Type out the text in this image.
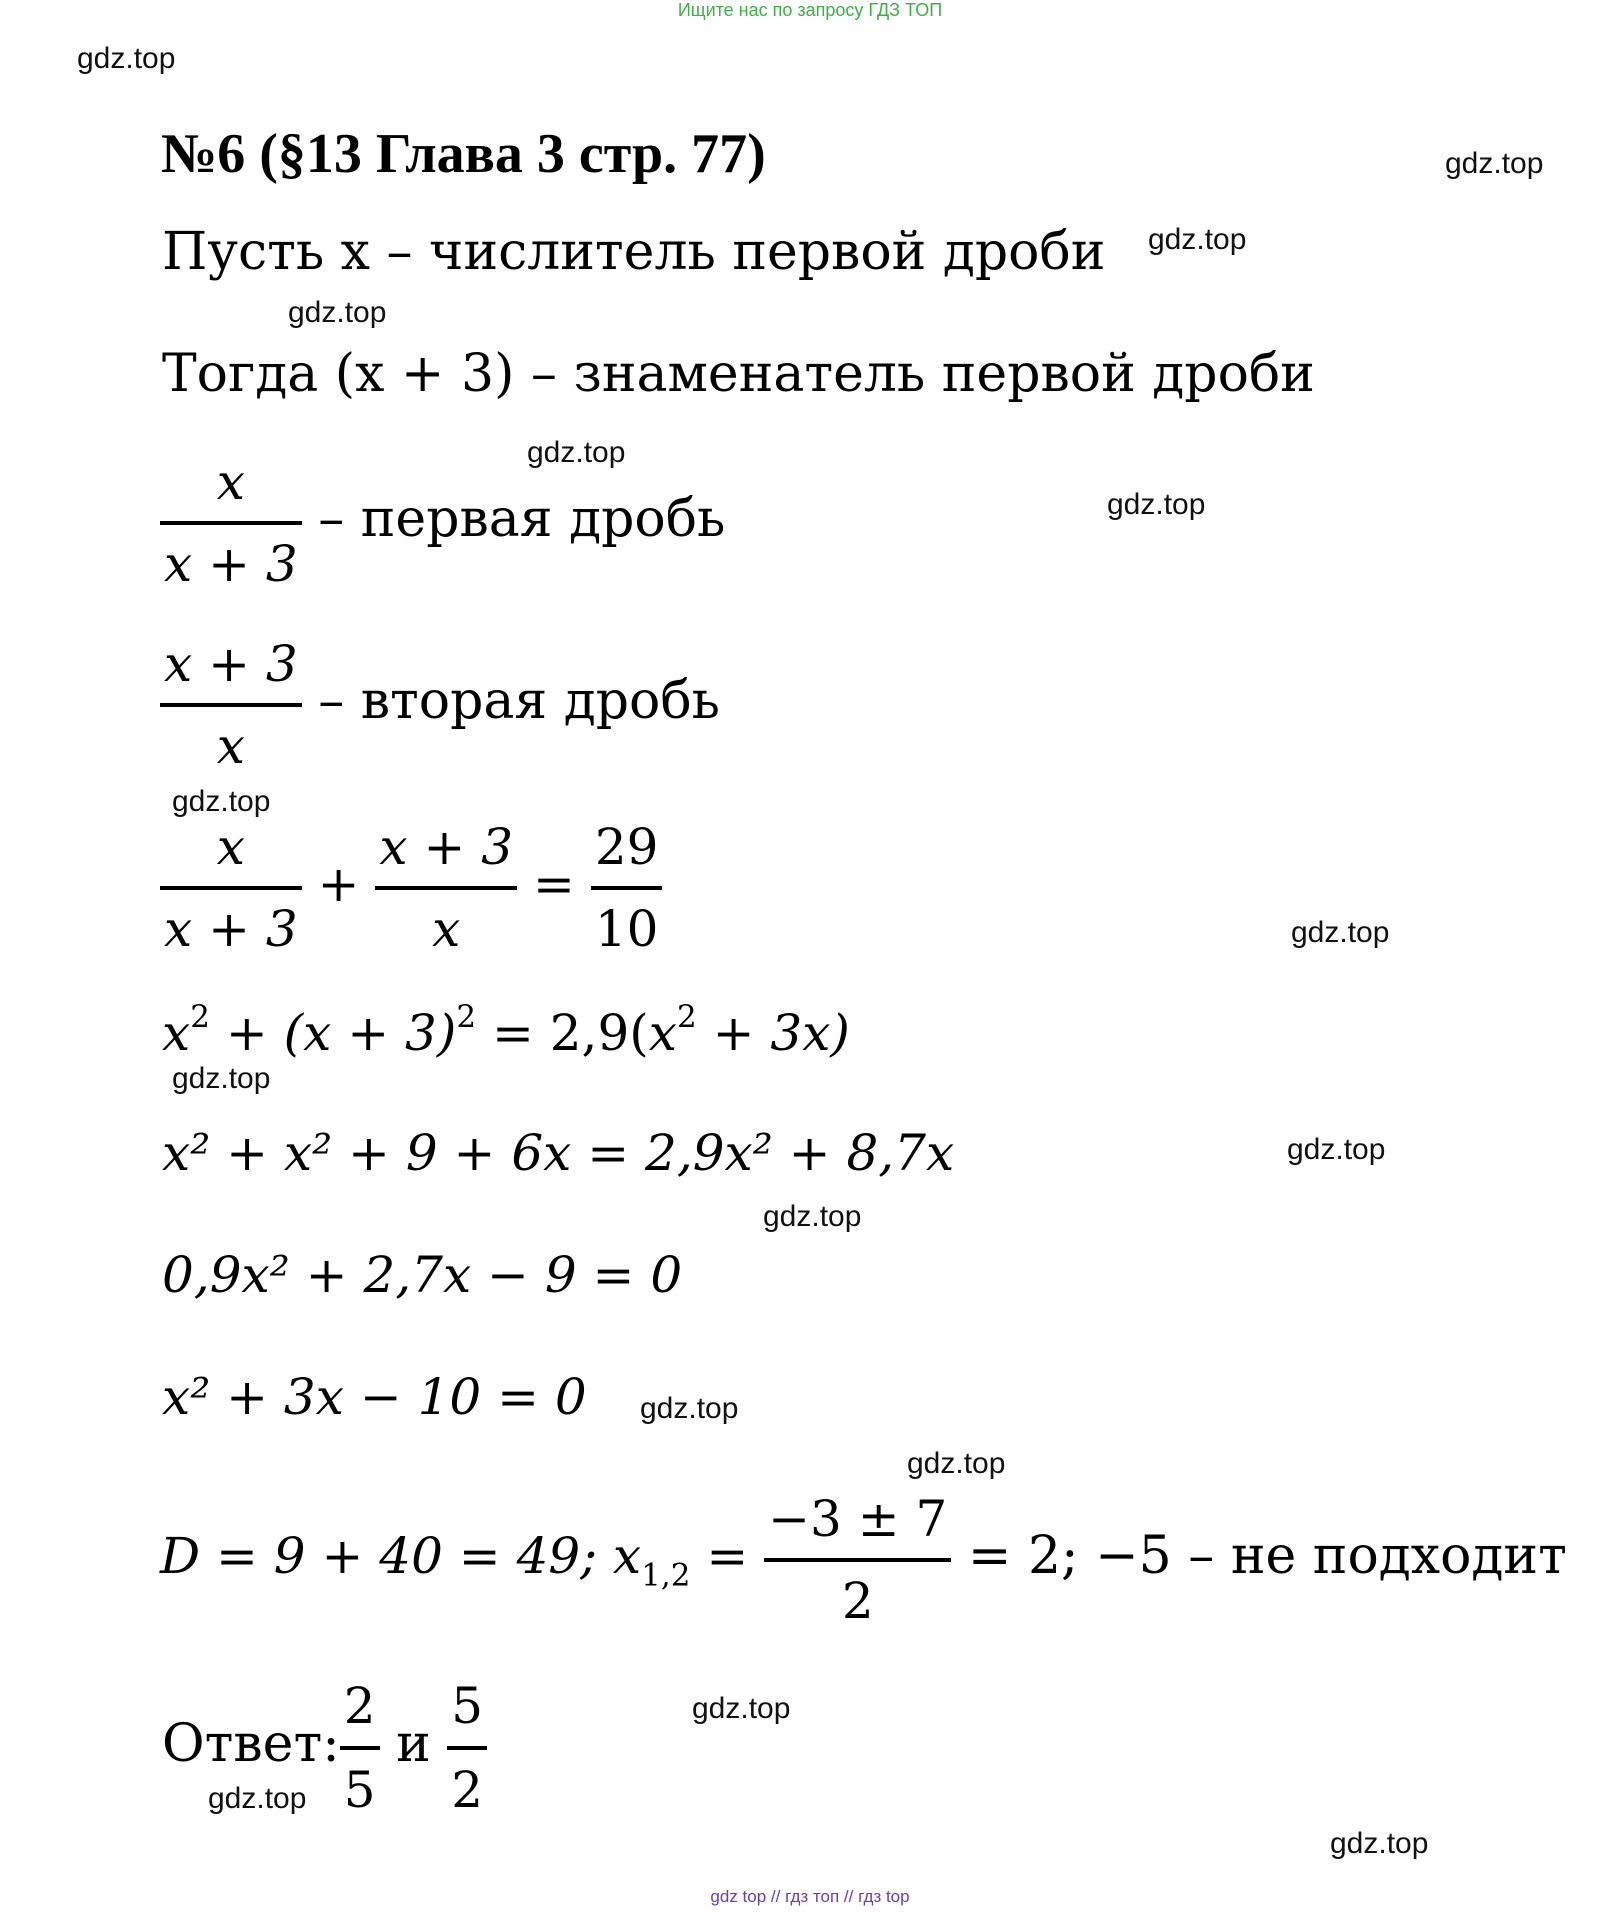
Ищите нас по запросу ГДЗ ТОП
gdz.top
gdz.top
gdz.top
gdz.top
gdz.top
gdz.top
gdz.top
gdz.top
gdz.top
gdz.top
gdz.top
gdz.top
gdz.top
gdz.top
gdz.top
gdz.top
№6 (§13 Глава 3 стр. 77)
Пусть x – числитель первой дроби
Тогда (x + 3) – знаменатель первой дроби
$\frac{x}{x + 3}$ – первая дробь
$\frac{x + 3}{x}$ – вторая дробь
$\frac{x}{x + 3} + \frac{x + 3}{x} = \frac{29}{10}$
$x^2 + (x + 3)^2 = 2,9(x^2 + 3x)$
x² + x² + 9 + 6x = 2,9x² + 8,7x
0,9x² + 2,7x − 9 = 0
x² + 3x − 10 = 0
D = 9 + 40 = 49; $x_{1,2} = \frac{-3 \pm 7}{2} = 2$; −5 – не подходит
Ответ: $\frac{2}{5}$ и $\frac{5}{2}$
gdz top // гдз топ // гдз top
